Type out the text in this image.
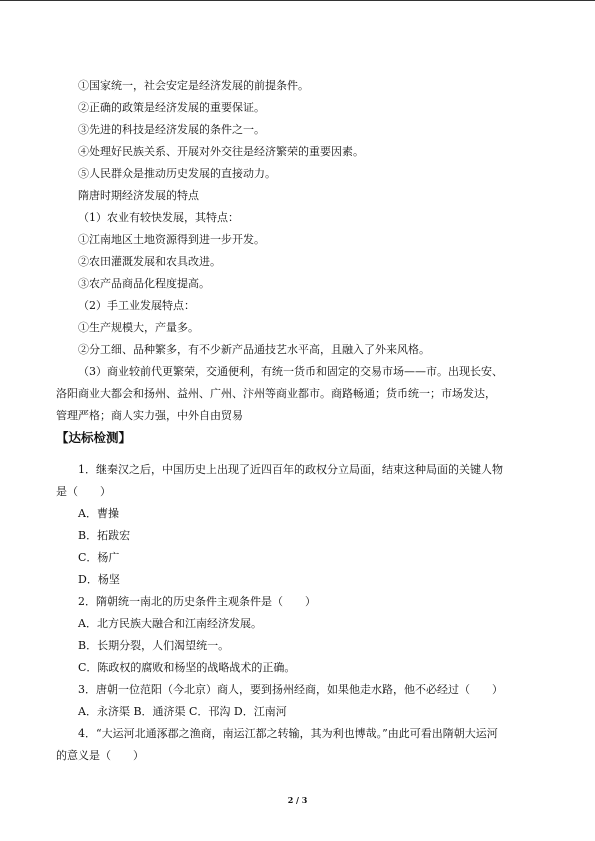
①国家统一，社会安定是经济发展的前提条件。
②正确的政策是经济发展的重要保证。
③先进的科技是经济发展的条件之一。
④处理好民族关系、开展对外交往是经济繁荣的重要因素。
⑤人民群众是推动历史发展的直接动力。
隋唐时期经济发展的特点
（1）农业有较快发展，其特点：
①江南地区土地资源得到进一步开发。
②农田灌溉发展和农具改进。
③农产品商品化程度提高。
（2）手工业发展特点：
①生产规模大，产量多。
②分工细、品种繁多，有不少新产品通技艺水平高，且融入了外来风格。
（3）商业较前代更繁荣，交通便利，有统一货币和固定的交易市场——市。出现长安、
洛阳商业大都会和扬州、益州、广州、汴州等商业都市。商路畅通；货币统一；市场发达，
管理严格；商人实力强，中外自由贸易
【达标检测】
1．继秦汉之后，中国历史上出现了近四百年的政权分立局面，结束这种局面的关键人物
是（　　）
A．曹操
B．拓跋宏
C．杨广
D．杨坚
2．隋朝统一南北的历史条件主观条件是（　　）
A．北方民族大融合和江南经济发展。
B．长期分裂，人们渴望统一。
C．陈政权的腐败和杨坚的战略战术的正确。
3．唐朝一位范阳（今北京）商人，要到扬州经商，如果他走水路，他不必经过（　　）
A．永济渠 B．通济渠 C．邗沟 D．江南河
4．“大运河北通涿郡之渔商，南运江都之转输，其为利也博哉。”由此可看出隋朝大运河
的意义是（　　）
2 / 3
